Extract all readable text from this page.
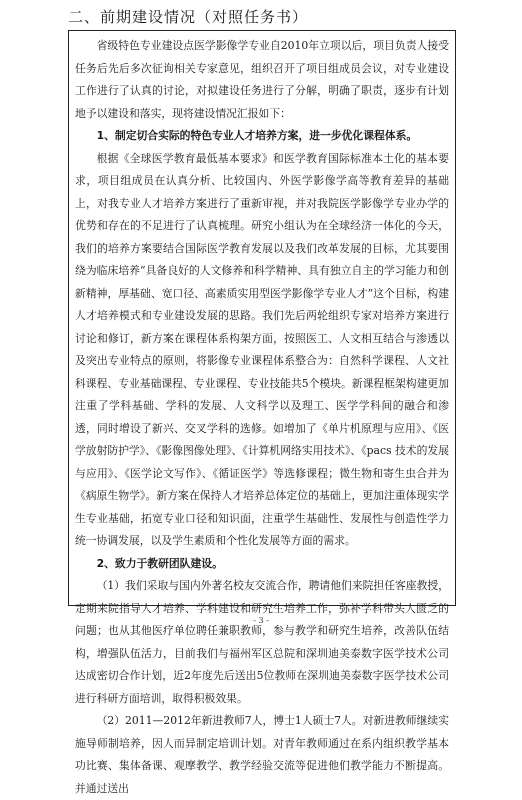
二、前期建设情况（对照任务书）

省级特色专业建设点医学影像学专业自2010年立项以后，项目负责人接受任务后先后多次征询相关专家意见，组织召开了项目组成员会议，对专业建设工作进行了认真的讨论，对拟建设任务进行了分解，明确了职责，逐步有计划地予以建设和落实，现将建设情况汇报如下：

1、制定切合实际的特色专业人才培养方案，进一步优化课程体系。

根据《全球医学教育最低基本要求》和医学教育国际标准本土化的基本要求，项目组成员在认真分析、比较国内、外医学影像学高等教育差异的基础上，对我专业人才培养方案进行了重新审视，并对我院医学影像学专业办学的优势和存在的不足进行了认真梳理。研究小组认为在全球经济一体化的今天，我们的培养方案要结合国际医学教育发展以及我们改革发展的目标，尤其要围绕为临床培养“具备良好的人文修养和科学精神、具有独立自主的学习能力和创新精神，厚基础、宽口径、高素质实用型医学影像学专业人才”这个目标，构建人才培养模式和专业建设发展的思路。我们先后两轮组织专家对培养方案进行讨论和修订，新方案在课程体系构架方面，按照医工、人文相互结合与渗透以及突出专业特点的原则，将影像专业课程体系整合为：自然科学课程、人文社科课程、专业基础课程、专业课程、专业技能共5个模块。新课程框架构建更加注重了学科基础、学科的发展、人文科学以及理工、医学学科间的融合和渗透，同时增设了新兴、交叉学科的选修。如增加了《单片机原理与应用》、《医学放射防护学》、《影像图像处理》、《计算机网络实用技术》、《pacs 技术的发展与应用》、《医学论文写作》、《循证医学》等选修课程；微生物和寄生虫合并为《病原生物学》。新方案在保持人才培养总体定位的基础上，更加注重体现实学生专业基础，拓宽专业口径和知识面，注重学生基础性、发展性与创造性学力统一协调发展，以及学生素质和个性化发展等方面的需求。

2、致力于教研团队建设。

（1）我们采取与国内外著名校友交流合作，聘请他们来院担任客座教授，定期来院指导人才培养、学科建设和研究生培养工作，弥补学科带头人匮乏的问题；也从其他医疗单位聘任兼职教师，参与教学和研究生培养，改善队伍结构，增强队伍活力，目前我们与福州军区总院和深圳迪美泰数字医学技术公司达成密切合作计划，近2年度先后送出5位教师在深圳迪美泰数字医学技术公司进行科研方面培训，取得积极效果。

（2）2011—2012年新进教师7人，博士1人硕士7人。对新进教师继续实施导师制培养，因人而异制定培训计划。对青年教师通过在系内组织教学基本功比赛、集体备课、观摩教学、教学经验交流等促进他们教学能力不断提高。并通过送出

- 3 -
